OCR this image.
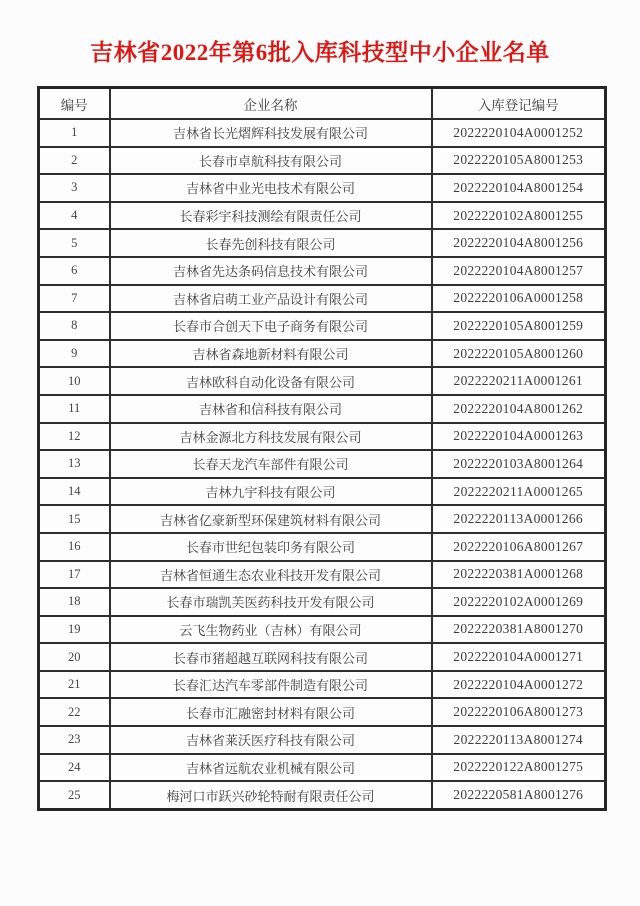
吉林省2022年第6批入库科技型中小企业名单
编号	企业名称	入库登记编号
1	吉林省长光熠辉科技发展有限公司	2022220104A0001252
2	长春市卓航科技有限公司	2022220105A8001253
3	吉林省中业光电技术有限公司	2022220104A8001254
4	长春彩宇科技测绘有限责任公司	2022220102A8001255
5	长春先创科技有限公司	2022220104A8001256
6	吉林省先达条码信息技术有限公司	2022220104A8001257
7	吉林省启萌工业产品设计有限公司	2022220106A0001258
8	长春市合创天下电子商务有限公司	2022220105A8001259
9	吉林省森地新材料有限公司	2022220105A8001260
10	吉林欧科自动化设备有限公司	2022220211A0001261
11	吉林省和信科技有限公司	2022220104A8001262
12	吉林金源北方科技发展有限公司	2022220104A0001263
13	长春天龙汽车部件有限公司	2022220103A8001264
14	吉林九宇科技有限公司	2022220211A0001265
15	吉林省亿豪新型环保建筑材料有限公司	2022220113A0001266
16	长春市世纪包装印务有限公司	2022220106A8001267
17	吉林省恒通生态农业科技开发有限公司	2022220381A0001268
18	长春市瑞凯芙医药科技开发有限公司	2022220102A0001269
19	云飞生物药业（吉林）有限公司	2022220381A8001270
20	长春市猪超越互联网科技有限公司	2022220104A0001271
21	长春汇达汽车零部件制造有限公司	2022220104A0001272
22	长春市汇融密封材料有限公司	2022220106A8001273
23	吉林省莱沃医疗科技有限公司	2022220113A8001274
24	吉林省远航农业机械有限公司	2022220122A8001275
25	梅河口市跃兴砂轮特耐有限责任公司	2022220581A8001276
